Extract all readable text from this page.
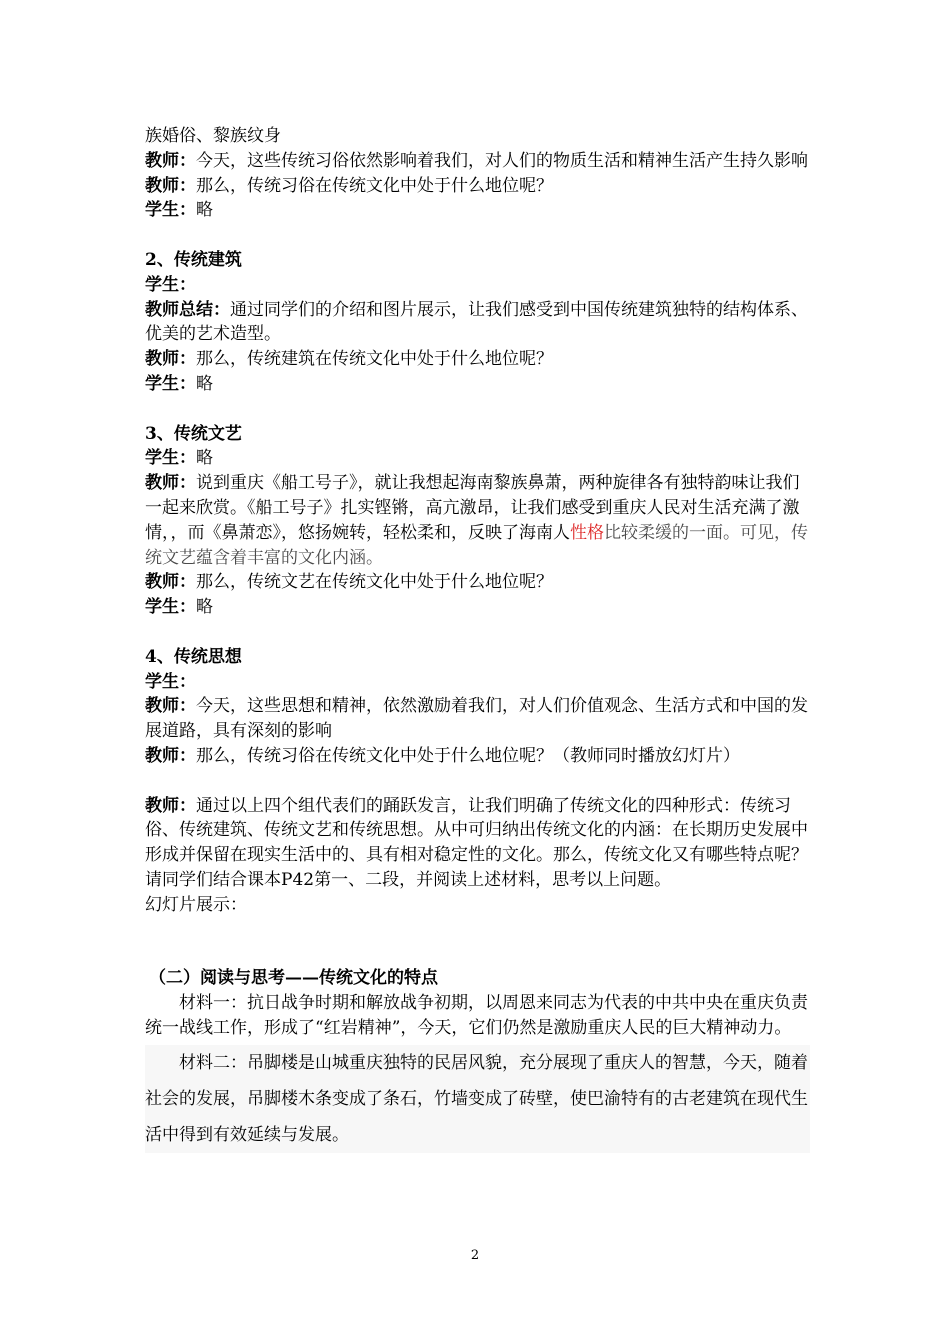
族婚俗、黎族纹身

教师：今天，这些传统习俗依然影响着我们，对人们的物质生活和精神生活产生持久影响

教师：那么，传统习俗在传统文化中处于什么地位呢？

学生：略

2、传统建筑

学生：

教师总结：通过同学们的介绍和图片展示，让我们感受到中国传统建筑独特的结构体系、优美的艺术造型。

教师：那么，传统建筑在传统文化中处于什么地位呢？

学生：略

3、传统文艺

学生：略

教师：说到重庆《船工号子》，就让我想起海南黎族鼻萧，两种旋律各有独特韵味让我们一起来欣赏。《船工号子》扎实铿锵，高亢激昂，让我们感受到重庆人民对生活充满了激情，，而《鼻萧恋》，悠扬婉转，轻松柔和，反映了海南人性格比较柔缓的一面。可见，传统文艺蕴含着丰富的文化内涵。

教师：那么，传统文艺在传统文化中处于什么地位呢？

学生：略

4、传统思想

学生：

教师：今天，这些思想和精神，依然激励着我们，对人们价值观念、生活方式和中国的发展道路，具有深刻的影响

教师：那么，传统习俗在传统文化中处于什么地位呢？（教师同时播放幻灯片）

教师：通过以上四个组代表们的踊跃发言，让我们明确了传统文化的四种形式：传统习俗、传统建筑、传统文艺和传统思想。从中可归纳出传统文化的内涵：在长期历史发展中形成并保留在现实生活中的、具有相对稳定性的文化。那么，传统文化又有哪些特点呢？请同学们结合课本P42第一、二段，并阅读上述材料，思考以上问题。

幻灯片展示：

（二）阅读与思考——传统文化的特点

材料一：抗日战争时期和解放战争初期，以周恩来同志为代表的中共中央在重庆负责统一战线工作，形成了“红岩精神”，今天，它们仍然是激励重庆人民的巨大精神动力。

材料二：吊脚楼是山城重庆独特的民居风貌，充分展现了重庆人的智慧，今天，随着社会的发展，吊脚楼木条变成了条石，竹墙变成了砖壁，使巴渝特有的古老建筑在现代生活中得到有效延续与发展。

2
